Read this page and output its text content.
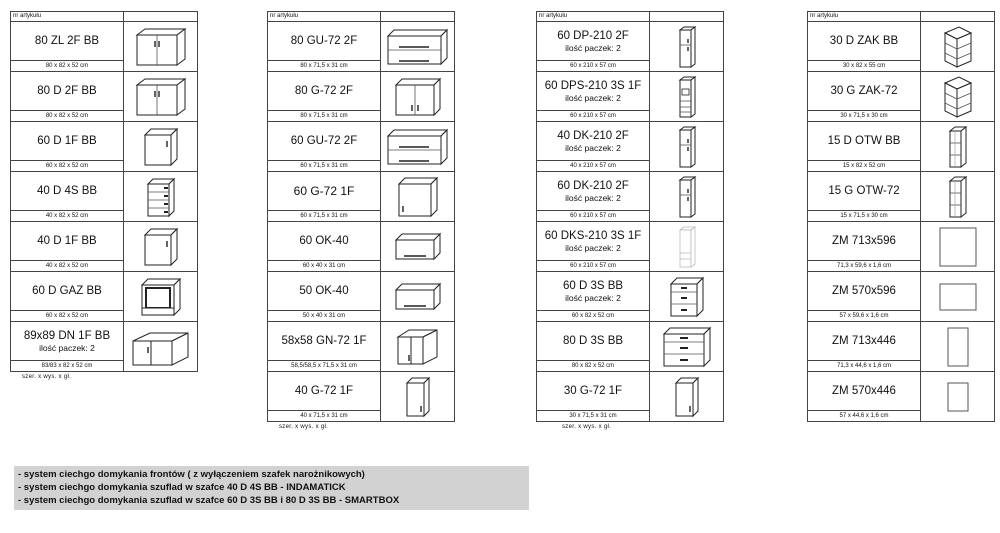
nr artykułu	

80 ZL 2F BB

80 x 82 x 52 cm	

80 D 2F BB

80 x 82 x 52 cm	

60 D 1F BB

60 x 82 x 52 cm	

40 D 4S BB

40 x 82 x 52 cm	

40 D 1F BB

40 x 82 x 52 cm	

60 D GAZ BB

60 x 82 x 52 cm	

89x89 DN 1F BB
ilość paczek: 2

83/83 x 82 x 52 cm	
szer. x wys. x gł.
nr artykułu	

80 GU-72 2F

80 x 71,5 x 31 cm	

80 G-72 2F

80 x 71,5 x 31 cm	

60 GU-72 2F

60 x 71,5 x 31 cm	

60 G-72 1F

60 x 71,5 x 31 cm	

60 OK-40

60 x 40 x 31 cm	

50 OK-40

50 x 40 x 31 cm	

58x58 GN-72 1F

58,5/58,5 x 71,5 x 31 cm	

40 G-72 1F

40 x 71,5 x 31 cm	
szer. x wys. x gł.
nr artykułu	

60 DP-210 2F
ilość paczek: 2

60 x 210 x 57 cm	

60 DPS-210 3S 1F
ilość paczek: 2

60 x 210 x 57 cm	

40 DK-210 2F
ilość paczek: 2

40 x 210 x 57 cm	

60 DK-210 2F
ilość paczek: 2

60 x 210 x 57 cm	

60 DKS-210 3S 1F
ilość paczek: 2

60 x 210 x 57 cm	

60 D 3S BB
ilość paczek: 2

60 x 82 x 52 cm	

80 D 3S BB

80 x 82 x 52 cm	

30 G-72 1F

30 x 71,5 x 31 cm	
szer. x wys. x gł.
nr artykułu	

30 D ZAK BB

30 x 82 x 55 cm	

30 G ZAK-72

30 x 71,5 x 30 cm	

15 D OTW BB

15 x 82 x 52 cm	

15 G OTW-72

15 x 71,5 x 30 cm	

ZM 713x596

71,3 x 59,6 x 1,6 cm	

ZM 570x596

57 x 59,6 x 1,6 cm	

ZM 713x446

71,3 x 44,6 x 1,6 cm	

ZM 570x446

57 x 44,6 x 1,6 cm	
- system ciechgo domykania frontów ( z wyłączeniem szafek narożnikowych)
- system ciechgo domykania szuflad w szafce 40 D 4S BB - INDAMATICK
- system ciechgo domykania szuflad w szafce 60 D 3S BB i 80 D 3S BB - SMARTBOX
